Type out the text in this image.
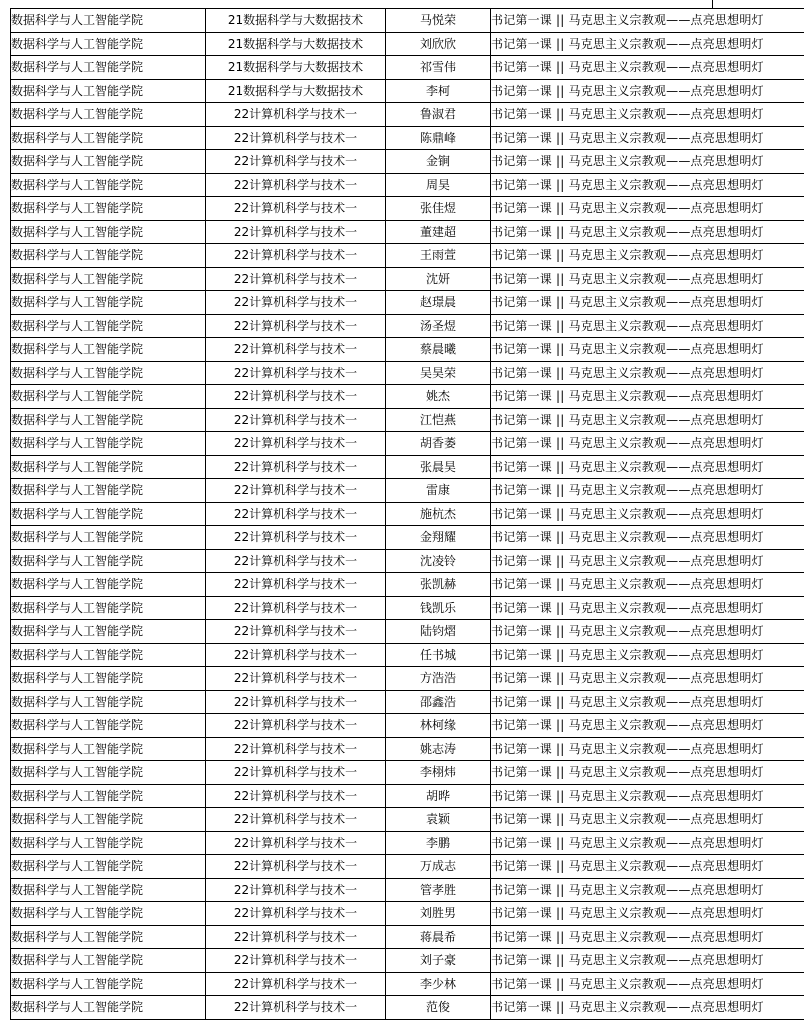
数据科学与人工智能学院	21数据科学与大数据技术	马悦荣	书记第一课 || 马克思主义宗教观——点亮思想明灯
数据科学与人工智能学院	21数据科学与大数据技术	刘欣欣	书记第一课 || 马克思主义宗教观——点亮思想明灯
数据科学与人工智能学院	21数据科学与大数据技术	祁雪伟	书记第一课 || 马克思主义宗教观——点亮思想明灯
数据科学与人工智能学院	21数据科学与大数据技术	李柯	书记第一课 || 马克思主义宗教观——点亮思想明灯
数据科学与人工智能学院	22计算机科学与技术一	鲁淑君	书记第一课 || 马克思主义宗教观——点亮思想明灯
数据科学与人工智能学院	22计算机科学与技术一	陈鼎峰	书记第一课 || 马克思主义宗教观——点亮思想明灯
数据科学与人工智能学院	22计算机科学与技术一	金锏	书记第一课 || 马克思主义宗教观——点亮思想明灯
数据科学与人工智能学院	22计算机科学与技术一	周昊	书记第一课 || 马克思主义宗教观——点亮思想明灯
数据科学与人工智能学院	22计算机科学与技术一	张佳煜	书记第一课 || 马克思主义宗教观——点亮思想明灯
数据科学与人工智能学院	22计算机科学与技术一	董建超	书记第一课 || 马克思主义宗教观——点亮思想明灯
数据科学与人工智能学院	22计算机科学与技术一	王雨萱	书记第一课 || 马克思主义宗教观——点亮思想明灯
数据科学与人工智能学院	22计算机科学与技术一	沈妍	书记第一课 || 马克思主义宗教观——点亮思想明灯
数据科学与人工智能学院	22计算机科学与技术一	赵璟晨	书记第一课 || 马克思主义宗教观——点亮思想明灯
数据科学与人工智能学院	22计算机科学与技术一	汤圣煜	书记第一课 || 马克思主义宗教观——点亮思想明灯
数据科学与人工智能学院	22计算机科学与技术一	蔡晨曦	书记第一课 || 马克思主义宗教观——点亮思想明灯
数据科学与人工智能学院	22计算机科学与技术一	吴昊荣	书记第一课 || 马克思主义宗教观——点亮思想明灯
数据科学与人工智能学院	22计算机科学与技术一	姚杰	书记第一课 || 马克思主义宗教观——点亮思想明灯
数据科学与人工智能学院	22计算机科学与技术一	江恺燕	书记第一课 || 马克思主义宗教观——点亮思想明灯
数据科学与人工智能学院	22计算机科学与技术一	胡香萎	书记第一课 || 马克思主义宗教观——点亮思想明灯
数据科学与人工智能学院	22计算机科学与技术一	张晨昊	书记第一课 || 马克思主义宗教观——点亮思想明灯
数据科学与人工智能学院	22计算机科学与技术一	雷康	书记第一课 || 马克思主义宗教观——点亮思想明灯
数据科学与人工智能学院	22计算机科学与技术一	施杭杰	书记第一课 || 马克思主义宗教观——点亮思想明灯
数据科学与人工智能学院	22计算机科学与技术一	金翔耀	书记第一课 || 马克思主义宗教观——点亮思想明灯
数据科学与人工智能学院	22计算机科学与技术一	沈凌铃	书记第一课 || 马克思主义宗教观——点亮思想明灯
数据科学与人工智能学院	22计算机科学与技术一	张凯赫	书记第一课 || 马克思主义宗教观——点亮思想明灯
数据科学与人工智能学院	22计算机科学与技术一	钱凯乐	书记第一课 || 马克思主义宗教观——点亮思想明灯
数据科学与人工智能学院	22计算机科学与技术一	陆钧熠	书记第一课 || 马克思主义宗教观——点亮思想明灯
数据科学与人工智能学院	22计算机科学与技术一	任书城	书记第一课 || 马克思主义宗教观——点亮思想明灯
数据科学与人工智能学院	22计算机科学与技术一	方浩浩	书记第一课 || 马克思主义宗教观——点亮思想明灯
数据科学与人工智能学院	22计算机科学与技术一	邵鑫浩	书记第一课 || 马克思主义宗教观——点亮思想明灯
数据科学与人工智能学院	22计算机科学与技术一	林柯缘	书记第一课 || 马克思主义宗教观——点亮思想明灯
数据科学与人工智能学院	22计算机科学与技术一	姚志涛	书记第一课 || 马克思主义宗教观——点亮思想明灯
数据科学与人工智能学院	22计算机科学与技术一	李栩炜	书记第一课 || 马克思主义宗教观——点亮思想明灯
数据科学与人工智能学院	22计算机科学与技术一	胡晔	书记第一课 || 马克思主义宗教观——点亮思想明灯
数据科学与人工智能学院	22计算机科学与技术一	袁颖	书记第一课 || 马克思主义宗教观——点亮思想明灯
数据科学与人工智能学院	22计算机科学与技术一	李鹏	书记第一课 || 马克思主义宗教观——点亮思想明灯
数据科学与人工智能学院	22计算机科学与技术一	万成志	书记第一课 || 马克思主义宗教观——点亮思想明灯
数据科学与人工智能学院	22计算机科学与技术一	管孝胜	书记第一课 || 马克思主义宗教观——点亮思想明灯
数据科学与人工智能学院	22计算机科学与技术一	刘胜男	书记第一课 || 马克思主义宗教观——点亮思想明灯
数据科学与人工智能学院	22计算机科学与技术一	蒋晨希	书记第一课 || 马克思主义宗教观——点亮思想明灯
数据科学与人工智能学院	22计算机科学与技术一	刘子豪	书记第一课 || 马克思主义宗教观——点亮思想明灯
数据科学与人工智能学院	22计算机科学与技术一	李少林	书记第一课 || 马克思主义宗教观——点亮思想明灯
数据科学与人工智能学院	22计算机科学与技术一	范俊	书记第一课 || 马克思主义宗教观——点亮思想明灯
